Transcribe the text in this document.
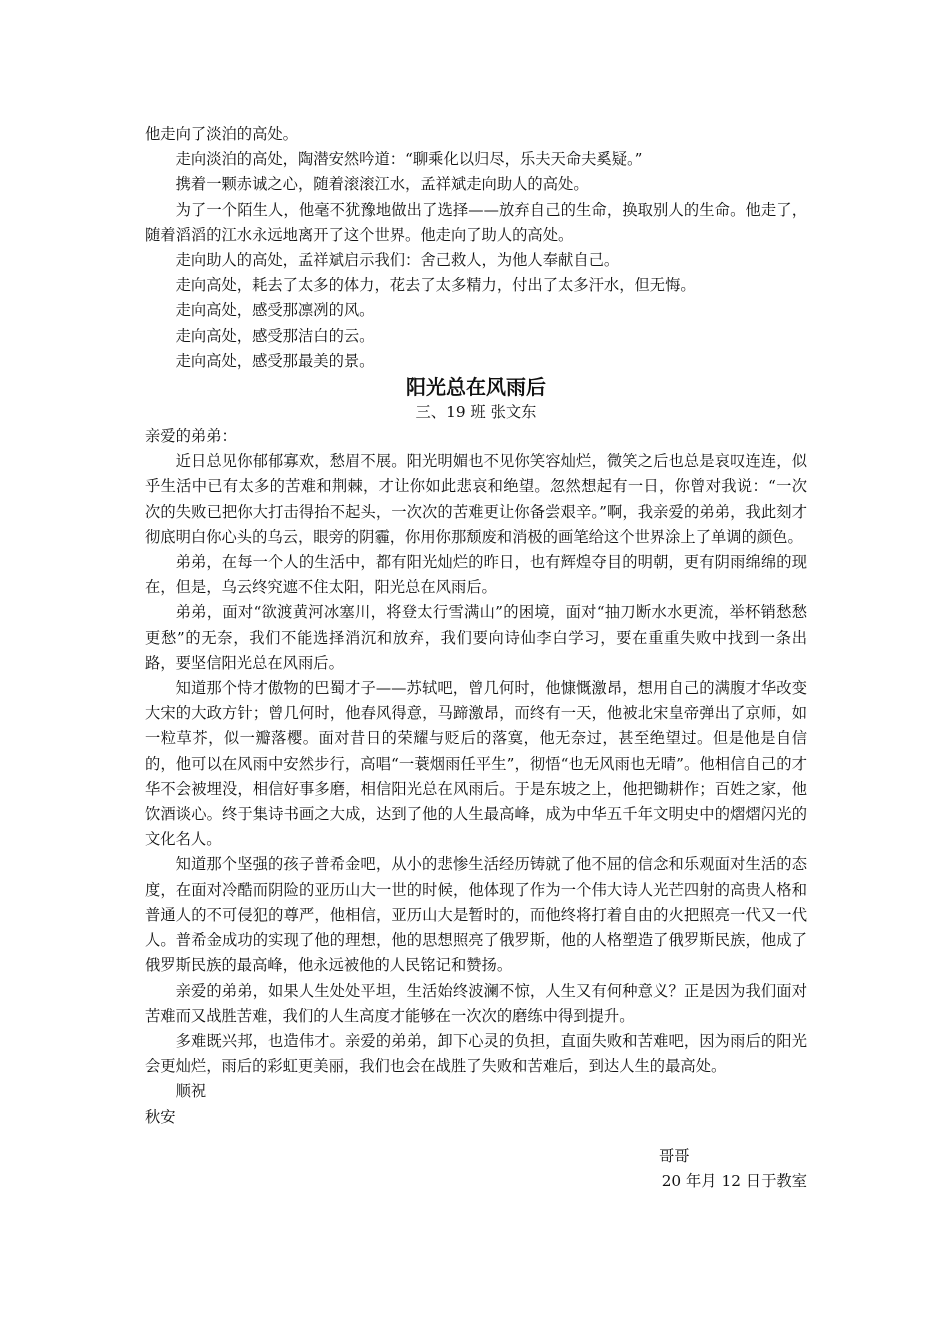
他走向了淡泊的高处。

走向淡泊的高处，陶潜安然吟道：“聊乘化以归尽，乐夫天命夫奚疑。”

携着一颗赤诚之心，随着滚滚江水，孟祥斌走向助人的高处。

为了一个陌生人，他毫不犹豫地做出了选择——放弃自己的生命，换取别人的生命。他走了，随着滔滔的江水永远地离开了这个世界。他走向了助人的高处。

走向助人的高处，孟祥斌启示我们：舍己救人，为他人奉献自己。

走向高处，耗去了太多的体力，花去了太多精力，付出了太多汗水，但无悔。

走向高处，感受那凛冽的风。

走向高处，感受那洁白的云。

走向高处，感受那最美的景。

阳光总在风雨后

三、19 班 张文东

亲爱的弟弟：

近日总见你郁郁寡欢，愁眉不展。阳光明媚也不见你笑容灿烂，微笑之后也总是哀叹连连，似乎生活中已有太多的苦难和荆棘，才让你如此悲哀和绝望。忽然想起有一日，你曾对我说：“一次次的失败已把你大打击得抬不起头，一次次的苦难更让你备尝艰辛。”啊，我亲爱的弟弟，我此刻才彻底明白你心头的乌云，眼旁的阴霾，你用你那颓废和消极的画笔给这个世界涂上了单调的颜色。

弟弟，在每一个人的生活中，都有阳光灿烂的昨日，也有辉煌夺目的明朝，更有阴雨绵绵的现在，但是，乌云终究遮不住太阳，阳光总在风雨后。

弟弟，面对“欲渡黄河冰塞川，将登太行雪满山”的困境，面对“抽刀断水水更流，举杯销愁愁更愁”的无奈，我们不能选择消沉和放弃，我们要向诗仙李白学习，要在重重失败中找到一条出路，要坚信阳光总在风雨后。

知道那个恃才傲物的巴蜀才子——苏轼吧，曾几何时，他慷慨激昂，想用自己的满腹才华改变大宋的大政方针；曾几何时，他春风得意，马蹄激昂，而终有一天，他被北宋皇帝弹出了京师，如一粒草芥，似一瓣落樱。面对昔日的荣耀与贬后的落寞，他无奈过，甚至绝望过。但是他是自信的，他可以在风雨中安然步行，高唱“一蓑烟雨任平生”，彻悟“也无风雨也无晴”。他相信自己的才华不会被埋没，相信好事多磨，相信阳光总在风雨后。于是东坡之上，他把锄耕作；百姓之家，他饮酒谈心。终于集诗书画之大成，达到了他的人生最高峰，成为中华五千年文明史中的熠熠闪光的文化名人。

知道那个坚强的孩子普希金吧，从小的悲惨生活经历铸就了他不屈的信念和乐观面对生活的态度，在面对冷酷而阴险的亚历山大一世的时候，他体现了作为一个伟大诗人光芒四射的高贵人格和普通人的不可侵犯的尊严，他相信，亚历山大是暂时的，而他终将打着自由的火把照亮一代又一代人。普希金成功的实现了他的理想，他的思想照亮了俄罗斯，他的人格塑造了俄罗斯民族，他成了俄罗斯民族的最高峰，他永远被他的人民铭记和赞扬。

亲爱的弟弟，如果人生处处平坦，生活始终波澜不惊，人生又有何种意义？正是因为我们面对苦难而又战胜苦难，我们的人生高度才能够在一次次的磨练中得到提升。

多难既兴邦，也造伟才。亲爱的弟弟，卸下心灵的负担，直面失败和苦难吧，因为雨后的阳光会更灿烂，雨后的彩虹更美丽，我们也会在战胜了失败和苦难后，到达人生的最高处。

顺祝

秋安

哥哥

20 年月 12 日于教室
